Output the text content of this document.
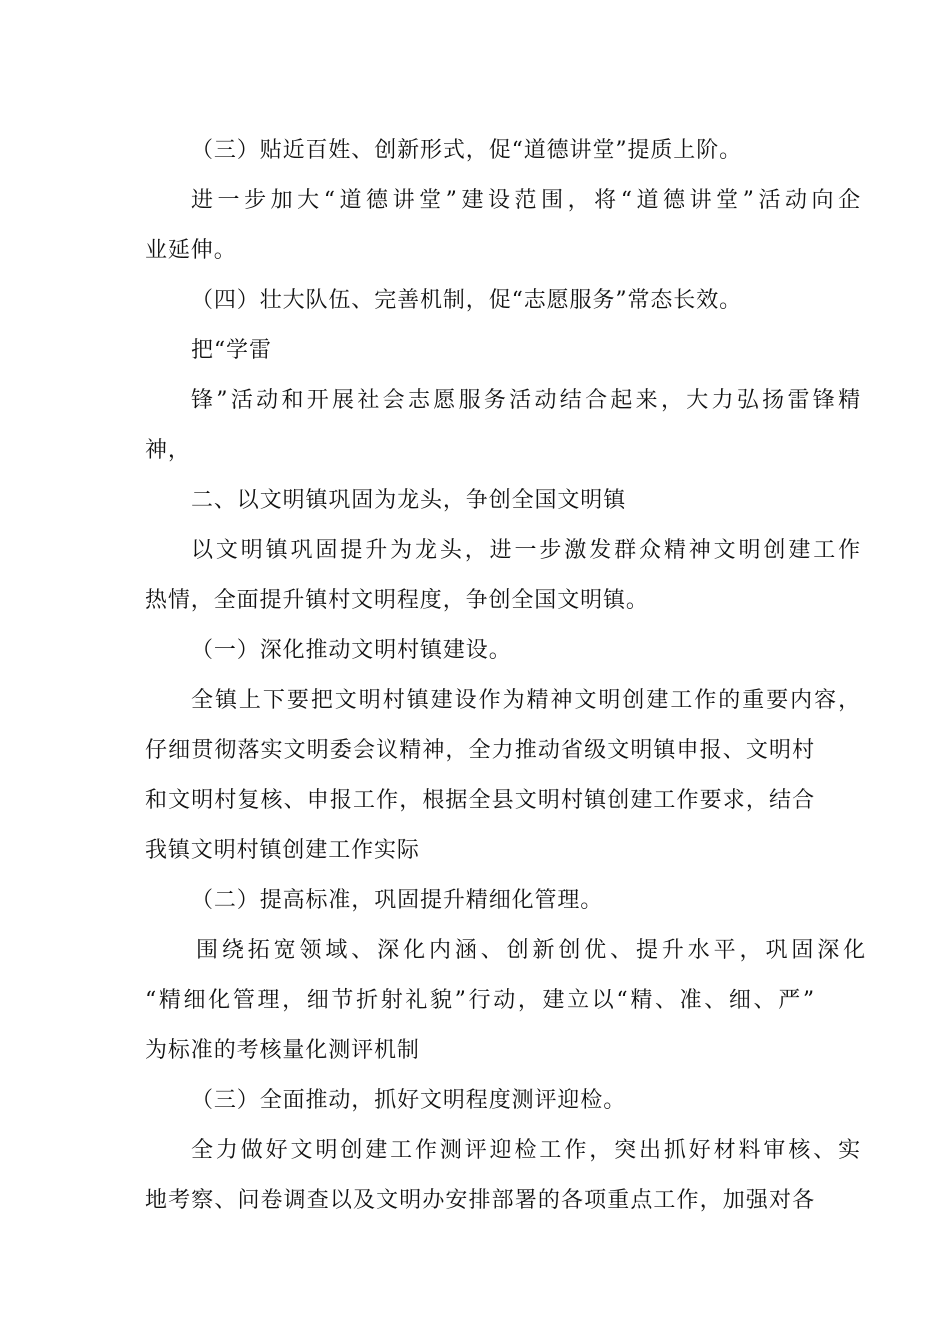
（三）贴近百姓、创新形式，促“道德讲堂”提质上阶。
进一步加大“道德讲堂”建设范围，将“道德讲堂”活动向企
业延伸。
（四）壮大队伍、完善机制，促“志愿服务”常态长效。
把“学雷
锋”活动和开展社会志愿服务活动结合起来，大力弘扬雷锋精
神，
二、以文明镇巩固为龙头，争创全国文明镇
以文明镇巩固提升为龙头，进一步激发群众精神文明创建工作
热情，全面提升镇村文明程度，争创全国文明镇。
（一）深化推动文明村镇建设。
全镇上下要把文明村镇建设作为精神文明创建工作的重要内容，
仔细贯彻落实文明委会议精神，全力推动省级文明镇申报、文明村
和文明村复核、申报工作，根据全县文明村镇创建工作要求，结合
我镇文明村镇创建工作实际
（二）提高标准，巩固提升精细化管理。
围绕拓宽领域、深化内涵、创新创优、提升水平，巩固深化
“精细化管理，细节折射礼貌”行动，建立以“精、准、细、严”
为标准的考核量化测评机制
（三）全面推动，抓好文明程度测评迎检。
全力做好文明创建工作测评迎检工作，突出抓好材料审核、实
地考察、问卷调查以及文明办安排部署的各项重点工作，加强对各
